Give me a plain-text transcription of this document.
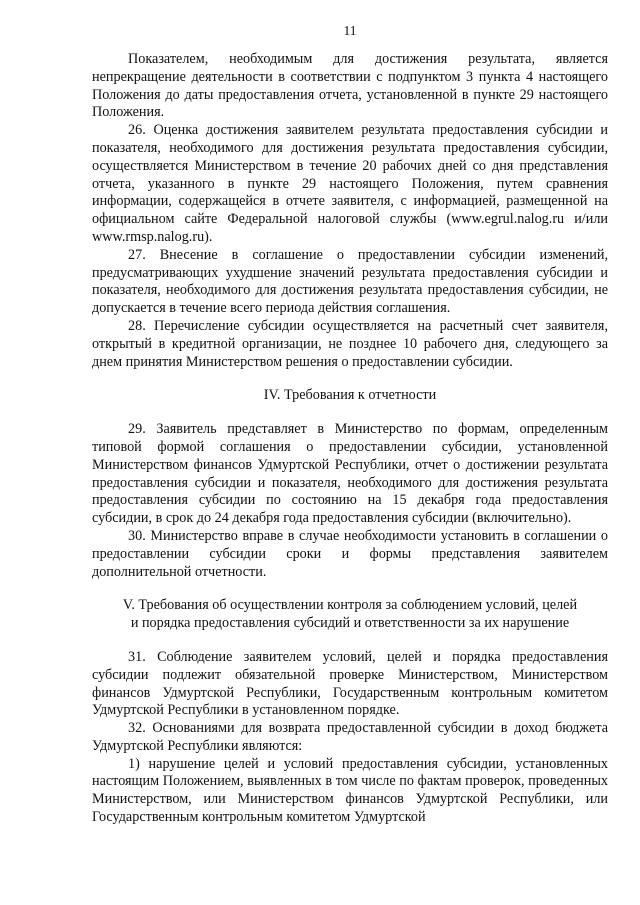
11

Показателем, необходимым для достижения результата, является непрекращение деятельности в соответствии с подпунктом 3 пункта 4 настоящего Положения до даты предоставления отчета, установленной в пункте 29 настоящего Положения.

26. Оценка достижения заявителем результата предоставления субсидии и показателя, необходимого для достижения результата предоставления субсидии, осуществляется Министерством в течение 20 рабочих дней со дня представления отчета, указанного в пункте 29 настоящего Положения, путем сравнения информации, содержащейся в отчете заявителя, с информацией, размещенной на официальном сайте Федеральной налоговой службы (www.egrul.nalog.ru и/или www.rmsp.nalog.ru).

27. Внесение в соглашение о предоставлении субсидии изменений, предусматривающих ухудшение значений результата предоставления субсидии и показателя, необходимого для достижения результата предоставления субсидии, не допускается в течение всего периода действия соглашения.

28. Перечисление субсидии осуществляется на расчетный счет заявителя, открытый в кредитной организации, не позднее 10 рабочего дня, следующего за днем принятия Министерством решения о предоставлении субсидии.

IV. Требования к отчетности

29. Заявитель представляет в Министерство по формам, определенным типовой формой соглашения о предоставлении субсидии, установленной Министерством финансов Удмуртской Республики, отчет о достижении результата предоставления субсидии и показателя, необходимого для достижения результата предоставления субсидии по состоянию на 15 декабря года предоставления субсидии, в срок до 24 декабря года предоставления субсидии (включительно).

30. Министерство вправе в случае необходимости установить в соглашении о предоставлении субсидии сроки и формы представления заявителем дополнительной отчетности.

V. Требования об осуществлении контроля за соблюдением условий, целей
и порядка предоставления субсидий и ответственности за их нарушение

31. Соблюдение заявителем условий, целей и порядка предоставления субсидии подлежит обязательной проверке Министерством, Министерством финансов Удмуртской Республики, Государственным контрольным комитетом Удмуртской Республики в установленном порядке.

32. Основаниями для возврата предоставленной субсидии в доход бюджета Удмуртской Республики являются:

1) нарушение целей и условий предоставления субсидии, установленных настоящим Положением, выявленных в том числе по фактам проверок, проведенных Министерством, или Министерством финансов Удмуртской Республики, или Государственным контрольным комитетом Удмуртской
